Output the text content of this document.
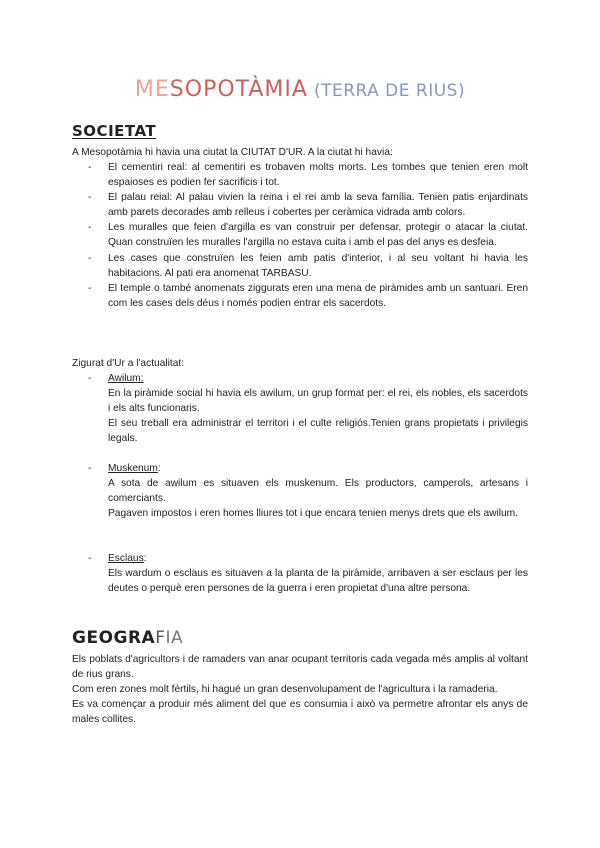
MESOPOTÀMIA (TERRA DE RIUS)
SOCIETAT
A Mesopotàmia hi havia una ciutat la CIUTAT D'UR. A la ciutat hi havia:
- El cementiri real: al cementiri es trobaven molts morts. Les tombes que tenien eren molt espaioses es podien fer sacrificis i tot.

- El palau reial: Al palau vivien la reina i el rei amb la seva família. Tenien patis enjardinats amb parets decorades amb relleus i cobertes per ceràmica vidrada amb colors.

- Les muralles que feien d'argilla es van construir per defensar, protegir o atacar la ciutat. Quan construïen les muralles l'argilla no estava cuita i amb el pas del anys es desfeia.

- Les cases que construïen les feien amb patis d'interior, i al seu voltant hi havia les habitacions. Al pati era anomenat TARBASU.

- El temple o també anomenats ziggurats eren una mena de piràmides amb un santuari. Eren com les cases dels déus i només podien entrar els sacerdots.

Zigurat d'Ur a l'actualitat:
- Awilum:

En la piràmide social hi havia els awilum, un grup format per: el rei, els nobles, els sacerdots i els alts funcionaris.

El seu treball era administrar el territori i el culte religiós.Tenien grans propietats i privilegis legals.

- Muskenum:

A sota de awilum es situaven els muskenum. Els productors, camperols, artesans i comerciants.

Pagaven impostos i eren homes lliures tot i que encara tenien menys drets que els awilum.

- Esclaus:

Els wardum o esclaus es situaven a la planta de la piràmide, arribaven a ser esclaus per les deutes o perquè eren persones de la guerra i eren propietat d'una altre persona.

GEOGRAFIA

Els poblats d'agricultors i de ramaders van anar ocupant territoris cada vegada més amplis al voltant de rius grans.

Com eren zones molt fèrtils, hi hagué un gran desenvolupament de l'agricultura i la ramaderia.

Es va començar a produir més aliment del que es consumia i això va permetre afrontar els anys de males collites.
